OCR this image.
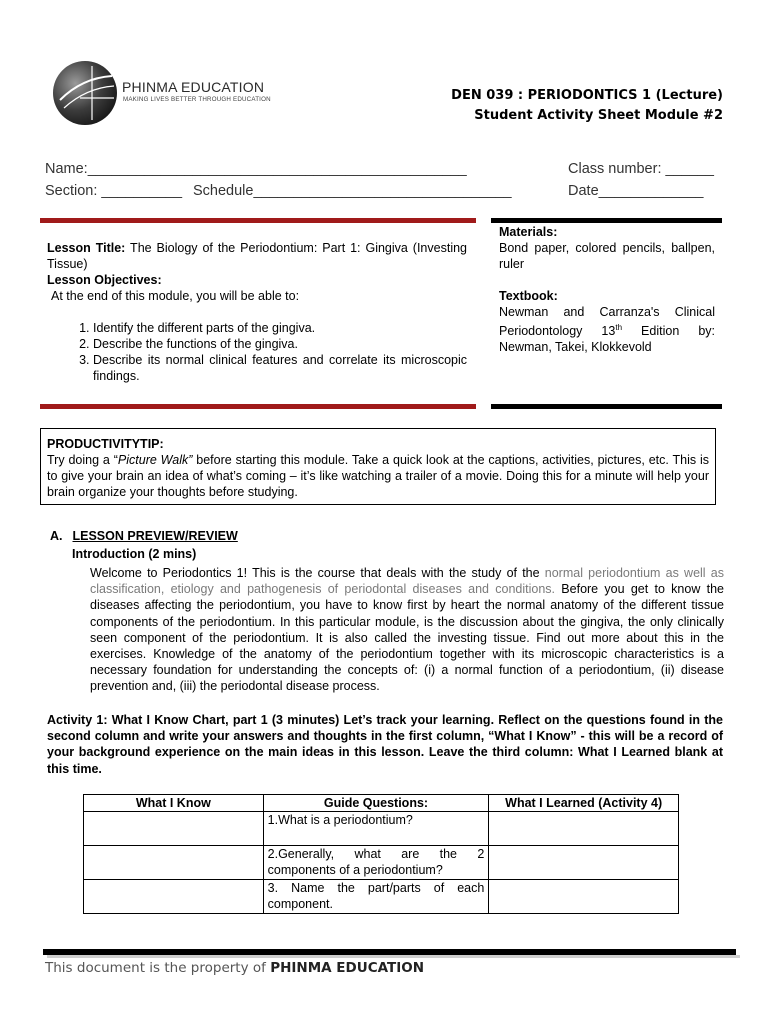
PHINMA EDUCATION
MAKING LIVES BETTER THROUGH EDUCATION	DEN 039 : PERIODONTICS 1 (Lecture)
Student Activity Sheet Module #2
Name:_______________________________________________	Class number: ______
Section: __________ Schedule________________________________	Date_____________
Lesson Title: The Biology of the Periodontium: Part 1: Gingiva (Investing Tissue)
Lesson Objectives:
At the end of this module, you will be able to:
1. Identify the different parts of the gingiva.
2. Describe the functions of the gingiva.
3. Describe its normal clinical features and correlate its microscopic findings.
Materials:
Bond paper, colored pencils, ballpen, ruler
Textbook:
Newman and Carranza's Clinical Periodontology 13th Edition by: Newman, Takei, Klokkevold
PRODUCTIVITYTIP:
Try doing a “Picture Walk” before starting this module. Take a quick look at the captions, activities, pictures, etc. This is to give your brain an idea of what’s coming – it’s like watching a trailer of a movie. Doing this for a minute will help your brain organize your thoughts before studying.
A. LESSON PREVIEW/REVIEW
Introduction (2 mins)
Welcome to Periodontics 1! This is the course that deals with the study of the normal periodontium as well as classification, etiology and pathogenesis of periodontal diseases and conditions. Before you get to know the diseases affecting the periodontium, you have to know first by heart the normal anatomy of the different tissue components of the periodontium. In this particular module, is the discussion about the gingiva, the only clinically seen component of the periodontium. It is also called the investing tissue. Find out more about this in the exercises. Knowledge of the anatomy of the periodontium together with its microscopic characteristics is a necessary foundation for understanding the concepts of: (i) a normal function of a periodontium, (ii) disease prevention and, (iii) the periodontal disease process.
Activity 1: What I Know Chart, part 1 (3 minutes) Let’s track your learning. Reflect on the questions found in the second column and write your answers and thoughts in the first column, “What I Know” - this will be a record of your background experience on the main ideas in this lesson. Leave the third column: What I Learned blank at this time.
What I Know	Guide Questions:	What I Learned (Activity 4)
	1.What is a periodontium?	
	2.Generally, what are the 2 components of a periodontium?	
	3. Name the part/parts of each component.	
This document is the property of PHINMA EDUCATION
